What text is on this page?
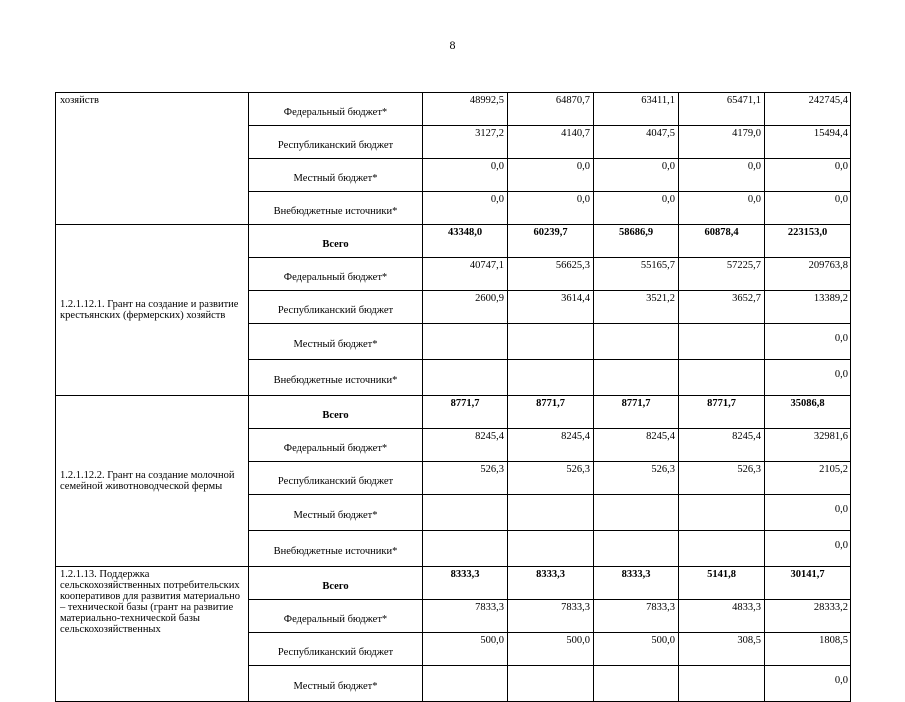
8
хозяйств	Федеральный бюджет*	48992,5	64870,7	63411,1	65471,1	242745,4
	Республиканский бюджет	3127,2	4140,7	4047,5	4179,0	15494,4
	Местный бюджет*	0,0	0,0	0,0	0,0	0,0
	Внебюджетные источники*	0,0	0,0	0,0	0,0	0,0
1.2.1.12.1. Грант на создание и развитие крестьянских (фермерских) хозяйств	Всего	43348,0	60239,7	58686,9	60878,4	223153,0
	Федеральный бюджет*	40747,1	56625,3	55165,7	57225,7	209763,8
	Республиканский бюджет	2600,9	3614,4	3521,2	3652,7	13389,2
	Местный бюджет*					0,0
	Внебюджетные источники*					0,0
1.2.1.12.2. Грант на создание молочной семейной животноводческой фермы	Всего	8771,7	8771,7	8771,7	8771,7	35086,8
	Федеральный бюджет*	8245,4	8245,4	8245,4	8245,4	32981,6
	Республиканский бюджет	526,3	526,3	526,3	526,3	2105,2
	Местный бюджет*					0,0
	Внебюджетные источники*					0,0
1.2.1.13. Поддержка сельскохозяйственных потребительских кооперативов для развития материально – технической базы (грант на развитие материально-технической базы сельскохозяйственных	Всего	8333,3	8333,3	8333,3	5141,8	30141,7
	Федеральный бюджет*	7833,3	7833,3	7833,3	4833,3	28333,2
	Республиканский бюджет	500,0	500,0	500,0	308,5	1808,5
	Местный бюджет*					0,0
